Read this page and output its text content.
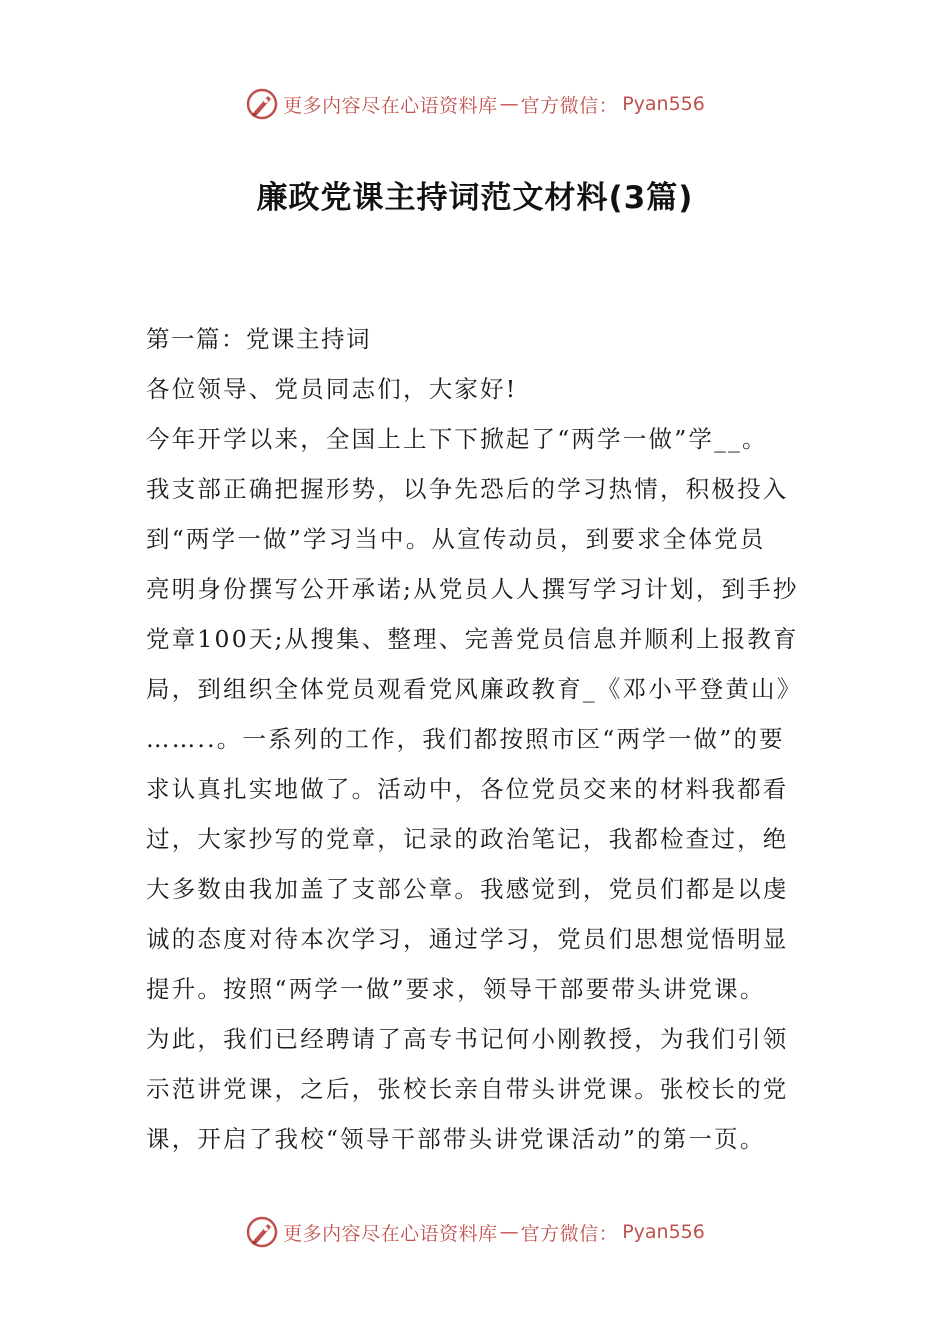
更多内容尽在心语资料库 — 官方微信： Pyan556
廉政党课主持词范文材料(3篇)
第一篇：党课主持词
各位领导、党员同志们，大家好!
今年开学以来，全国上上下下掀起了“两学一做”学__。
我支部正确把握形势，以争先恐后的学习热情，积极投入
到“两学一做”学习当中。从宣传动员，到要求全体党员
亮明身份撰写公开承诺;从党员人人撰写学习计划，到手抄
党章100天;从搜集、整理、完善党员信息并顺利上报教育
局，到组织全体党员观看党风廉政教育_《邓小平登黄山》
……..。一系列的工作，我们都按照市区“两学一做”的要
求认真扎实地做了。活动中，各位党员交来的材料我都看
过，大家抄写的党章，记录的政治笔记，我都检查过，绝
大多数由我加盖了支部公章。我感觉到，党员们都是以虔
诚的态度对待本次学习，通过学习，党员们思想觉悟明显
提升。按照“两学一做”要求，领导干部要带头讲党课。
为此，我们已经聘请了高专书记何小刚教授，为我们引领
示范讲党课，之后，张校长亲自带头讲党课。张校长的党
课，开启了我校“领导干部带头讲党课活动”的第一页。
更多内容尽在心语资料库 — 官方微信： Pyan556
